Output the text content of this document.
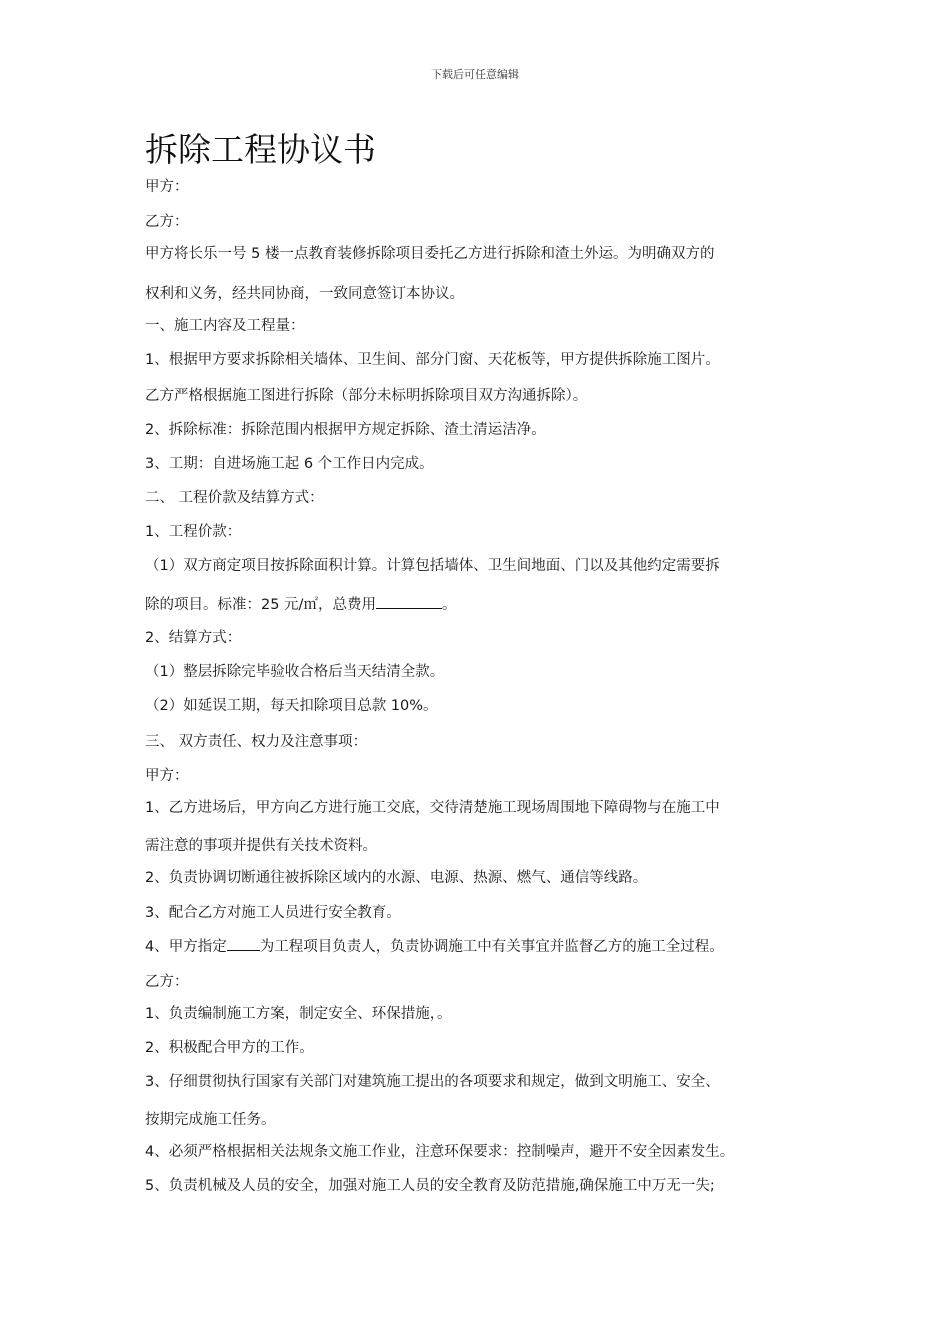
下载后可任意编辑
拆除工程协议书
甲方：
乙方：
甲方将长乐一号 5 楼一点教育装修拆除项目委托乙方进行拆除和渣土外运。为明确双方的
权利和义务，经共同协商，一致同意签订本协议。
一、施工内容及工程量：
1、根据甲方要求拆除相关墙体、卫生间、部分门窗、天花板等，甲方提供拆除施工图片。
乙方严格根据施工图进行拆除（部分未标明拆除项目双方沟通拆除）。
2、拆除标准：拆除范围内根据甲方规定拆除、渣土清运洁净。
3、工期：自进场施工起 6 个工作日内完成。
二、 工程价款及结算方式：
1、工程价款：
（1）双方商定项目按拆除面积计算。计算包括墙体、卫生间地面、门以及其他约定需要拆
除的项目。标准：25 元/㎡，总费用	。
2、结算方式：
（1）整层拆除完毕验收合格后当天结清全款。
（2）如延误工期，每天扣除项目总款 10%。
三、 双方责任、权力及注意事项：
甲方：
1、乙方进场后，甲方向乙方进行施工交底，交待清楚施工现场周围地下障碍物与在施工中
需注意的事项并提供有关技术资料。
2、负责协调切断通往被拆除区域内的水源、电源、热源、燃气、通信等线路。
3、配合乙方对施工人员进行安全教育。
4、甲方指定 为工程项目负责人，负责协调施工中有关事宜并监督乙方的施工全过程。
乙方：
1、负责编制施工方案，制定安全、环保措施，。
2、积极配合甲方的工作。
3、仔细贯彻执行国家有关部门对建筑施工提出的各项要求和规定，做到文明施工、安全、
按期完成施工任务。
4、必须严格根据相关法规条文施工作业，注意环保要求：控制噪声，避开不安全因素发生。
5、负责机械及人员的安全，加强对施工人员的安全教育及防范措施,确保施工中万无一失;
